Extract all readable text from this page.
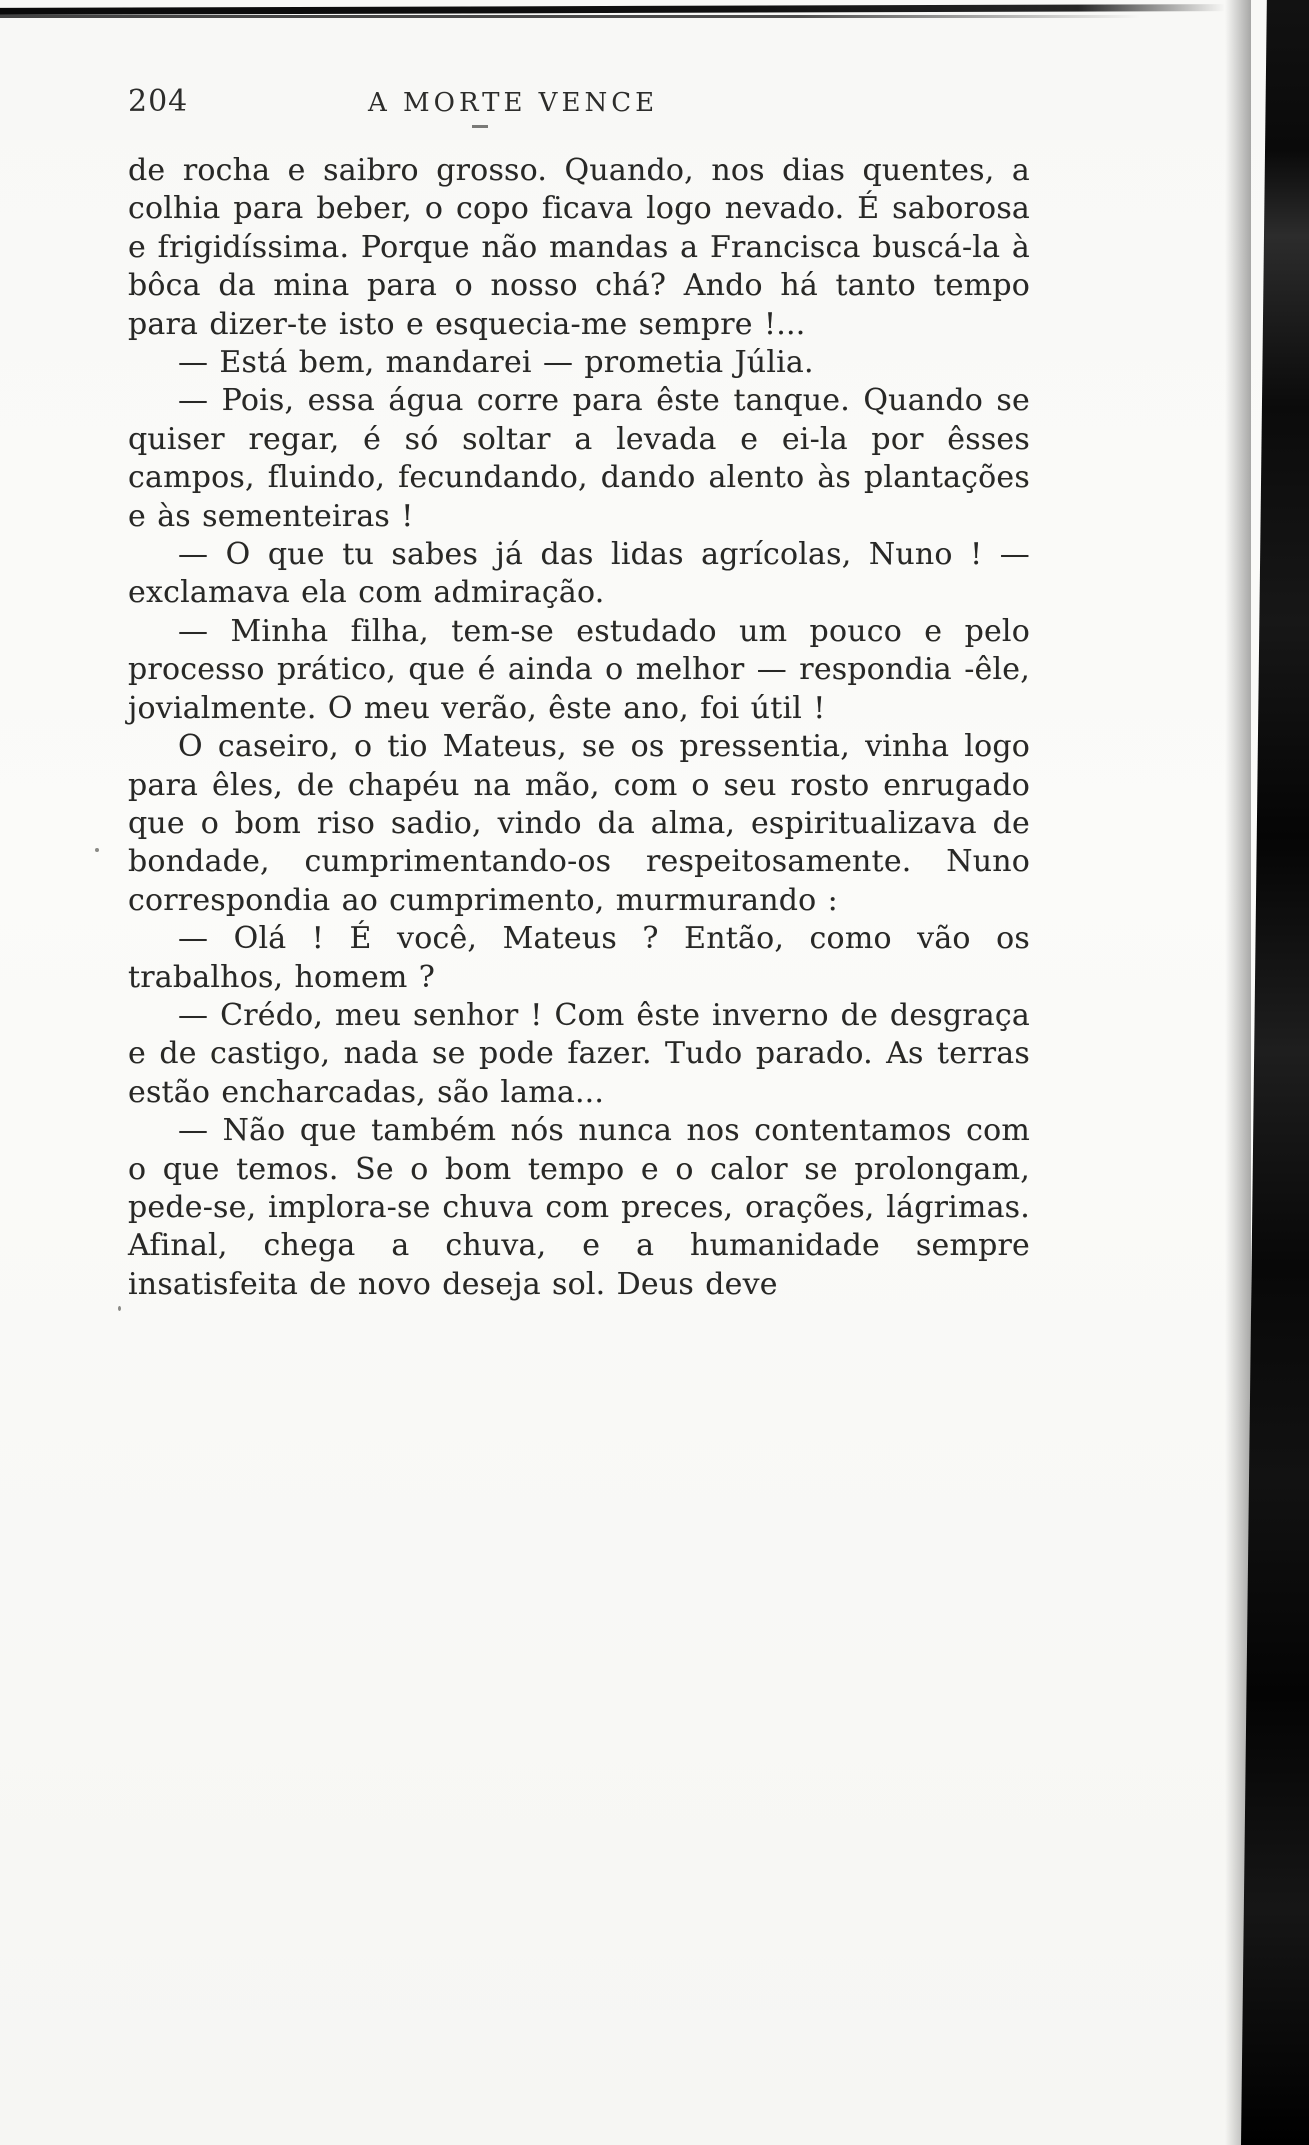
204	A MORTE VENCE

de rocha e saibro grosso. Quando, nos dias quentes, a colhia para beber, o copo ficava logo nevado. É saborosa e frigidíssima. Porque não mandas a Francisca buscá-la à bôca da mina para o nosso chá? Ando há tanto tempo para dizer-te isto e esquecia-me sempre !...

— Está bem, mandarei — prometia Júlia.

— Pois, essa água corre para êste tanque. Quando se quiser regar, é só soltar a levada e ei-la por êsses campos, fluindo, fecundando, dando alento às plantações e às sementeiras !

— O que tu sabes já das lidas agrícolas, Nuno ! — exclamava ela com admiração.

— Minha filha, tem-se estudado um pouco e pelo processo prático, que é ainda o melhor — respondia -êle, jovialmente. O meu verão, êste ano, foi útil !

O caseiro, o tio Mateus, se os pressentia, vinha logo para êles, de chapéu na mão, com o seu rosto enrugado que o bom riso sadio, vindo da alma, espiritualizava de bondade, cumprimentando-os respeitosamente. Nuno correspondia ao cumprimento, murmurando :

— Olá ! É você, Mateus ? Então, como vão os trabalhos, homem ?

— Crédo, meu senhor ! Com êste inverno de desgraça e de castigo, nada se pode fazer. Tudo parado. As terras estão encharcadas, são lama...

— Não que também nós nunca nos contentamos com o que temos. Se o bom tempo e o calor se prolongam, pede-se, implora-se chuva com preces, orações, lágrimas. Afinal, chega a chuva, e a humanidade sempre insatisfeita de novo deseja sol. Deus deve
